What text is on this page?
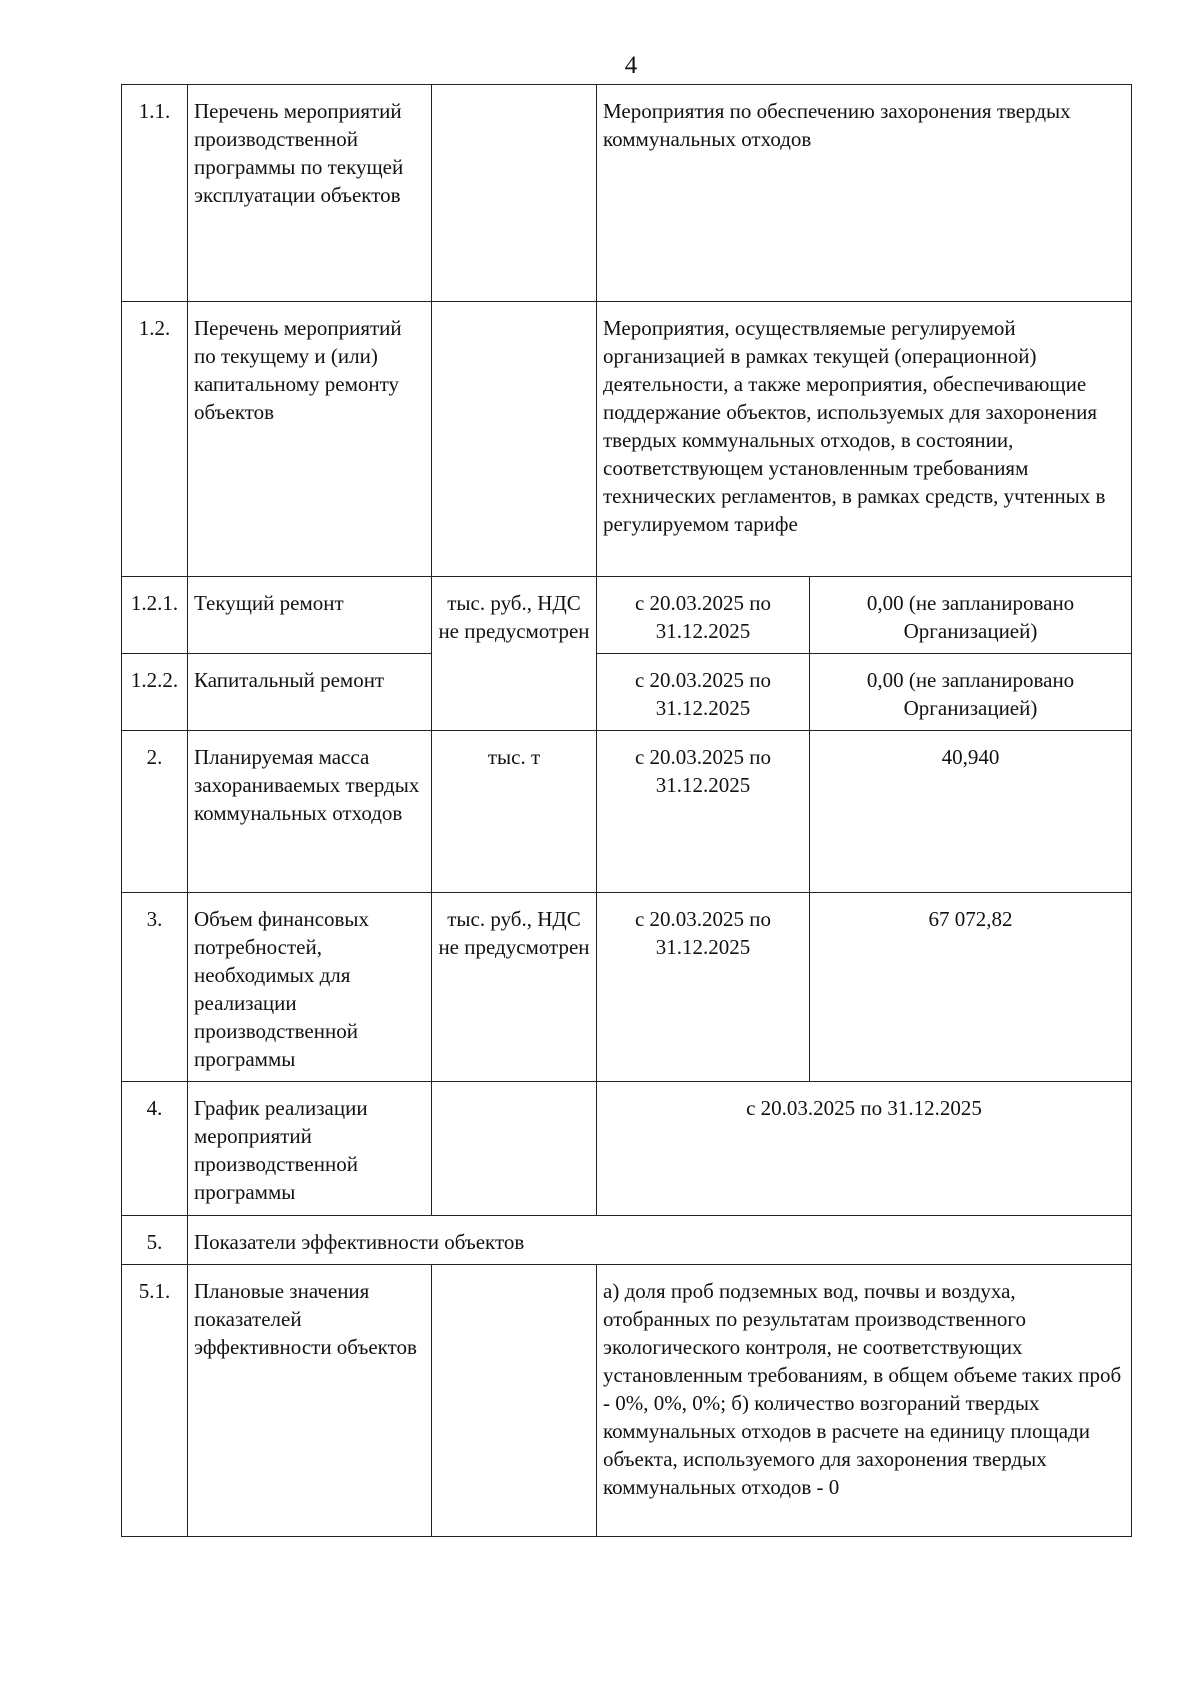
4
1.1.	Перечень мероприятий производственной программы по текущей эксплуатации объектов		Мероприятия по обеспечению захоронения твердых коммунальных отходов	
1.2.	Перечень мероприятий по текущему и (или) капитальному ремонту объектов		Мероприятия, осуществляемые регулируемой организацией в рамках текущей (операционной) деятельности, а также мероприятия, обеспечивающие поддержание объектов, используемых для захоронения твердых коммунальных отходов, в состоянии, соответствующем установленным требованиям технических регламентов, в рамках средств, учтенных в регулируемом тарифе	
1.2.1.	Текущий ремонт	тыс. руб., НДС не предусмотрен	с 20.03.2025 по 31.12.2025	0,00 (не запланировано Организацией)
1.2.2.	Капитальный ремонт		с 20.03.2025 по 31.12.2025	0,00 (не запланировано Организацией)
2.	Планируемая масса захораниваемых твердых коммунальных отходов	тыс. т	с 20.03.2025 по 31.12.2025	40,940
3.	Объем финансовых потребностей, необходимых для реализации производственной программы	тыс. руб., НДС не предусмотрен	с 20.03.2025 по 31.12.2025	67 072,82
4.	График реализации мероприятий производственной программы		с 20.03.2025 по 31.12.2025	
5.	Показатели эффективности объектов			
5.1.	Плановые значения показателей эффективности объектов		а) доля проб подземных вод, почвы и воздуха, отобранных по результатам производственного экологического контроля, не соответствующих установленным требованиям, в общем объеме таких проб - 0%, 0%, 0%; б) количество возгораний твердых коммунальных отходов в расчете на единицу площади объекта, используемого для захоронения твердых коммунальных отходов - 0	
